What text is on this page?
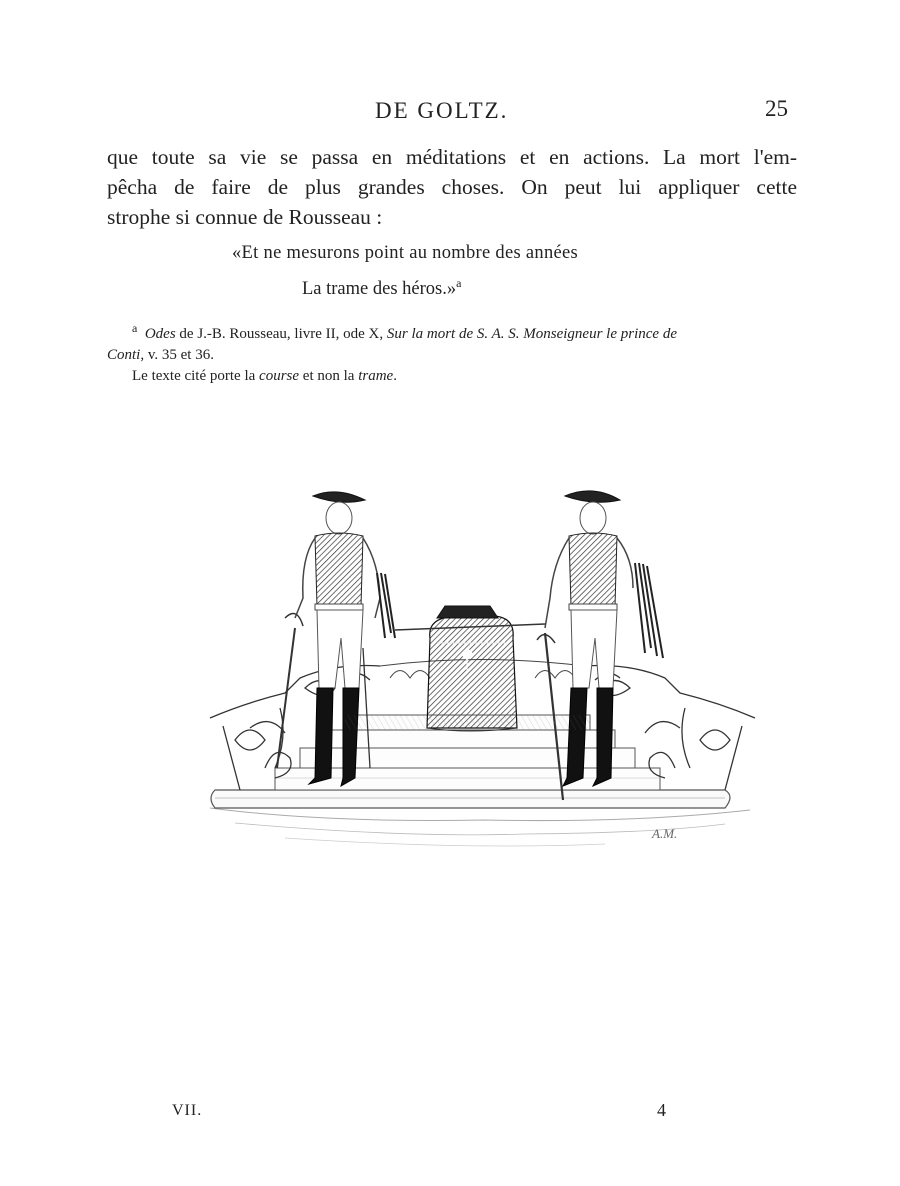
DE GOLTZ.	25
que toute sa vie se passa en méditations et en actions. La mort l'em-
pêcha de faire de plus grandes choses. On peut lui appliquer cette
strophe si connue de Rousseau :
«Et ne mesurons point au nombre des années
La trame des héros.»$^a$
$^a$ Odes de J.-B. Rousseau, livre II, ode X, Sur la mort de S. A. S. Monseigneur le prince de
Conti, v. 35 et 36.
Le texte cité porte la course et non la trame.
A.M.
VII.	4
